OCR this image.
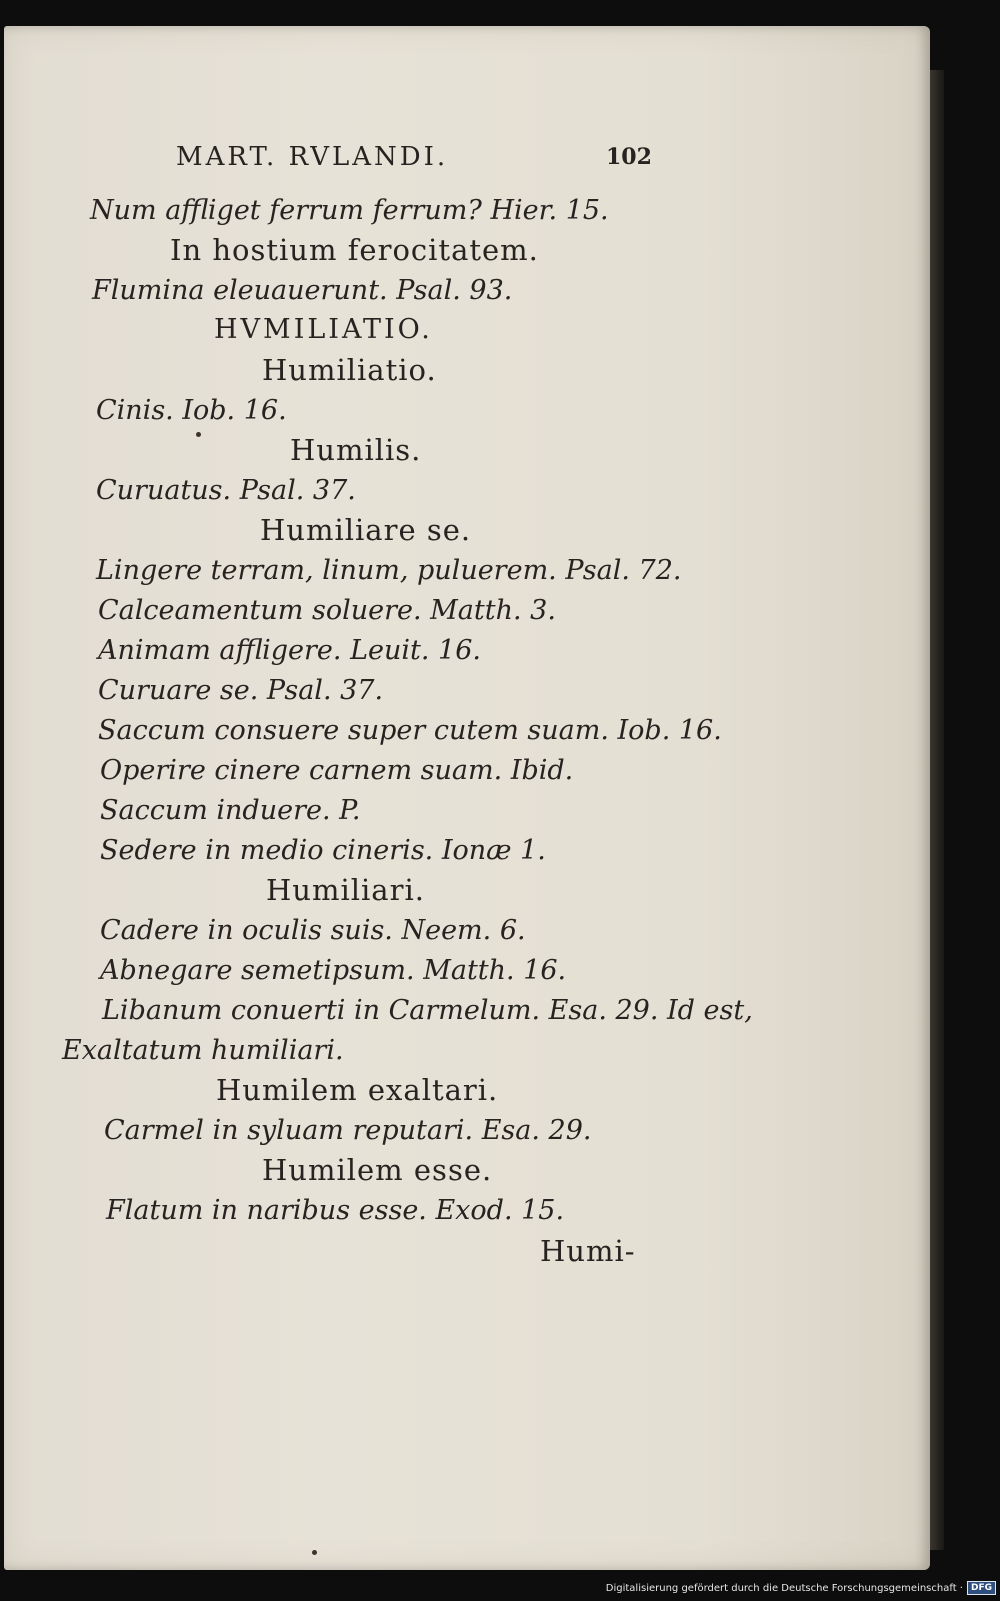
MART. RVLANDI.	102

Num affliget ferrum ferrum? Hier. 15.

In hostium ferocitatem.

Flumina eleuauerunt. Psal. 93.

HVMILIATIO.

Humiliatio.

Cinis. Iob. 16.

Humilis.

Curuatus. Psal. 37.

Humiliare se.

Lingere terram, linum, puluerem. Psal. 72.

Calceamentum soluere. Matth. 3.

Animam affligere. Leuit. 16.

Curuare se. Psal. 37.

Saccum consuere super cutem suam. Iob. 16.

Operire cinere carnem suam. Ibid.

Saccum induere. P.

Sedere in medio cineris. Ionæ 1.

Humiliari.

Cadere in oculis suis. Neem. 6.

Abnegare semetipsum. Matth. 16.

Libanum conuerti in Carmelum. Esa. 29. Id est,

Exaltatum humiliari.

Humilem exaltari.

Carmel in syluam reputari. Esa. 29.

Humilem esse.

Flatum in naribus esse. Exod. 15.

Humi-

Digitalisierung gefördert durch die Deutsche Forschungsgemeinschaft · DFG
